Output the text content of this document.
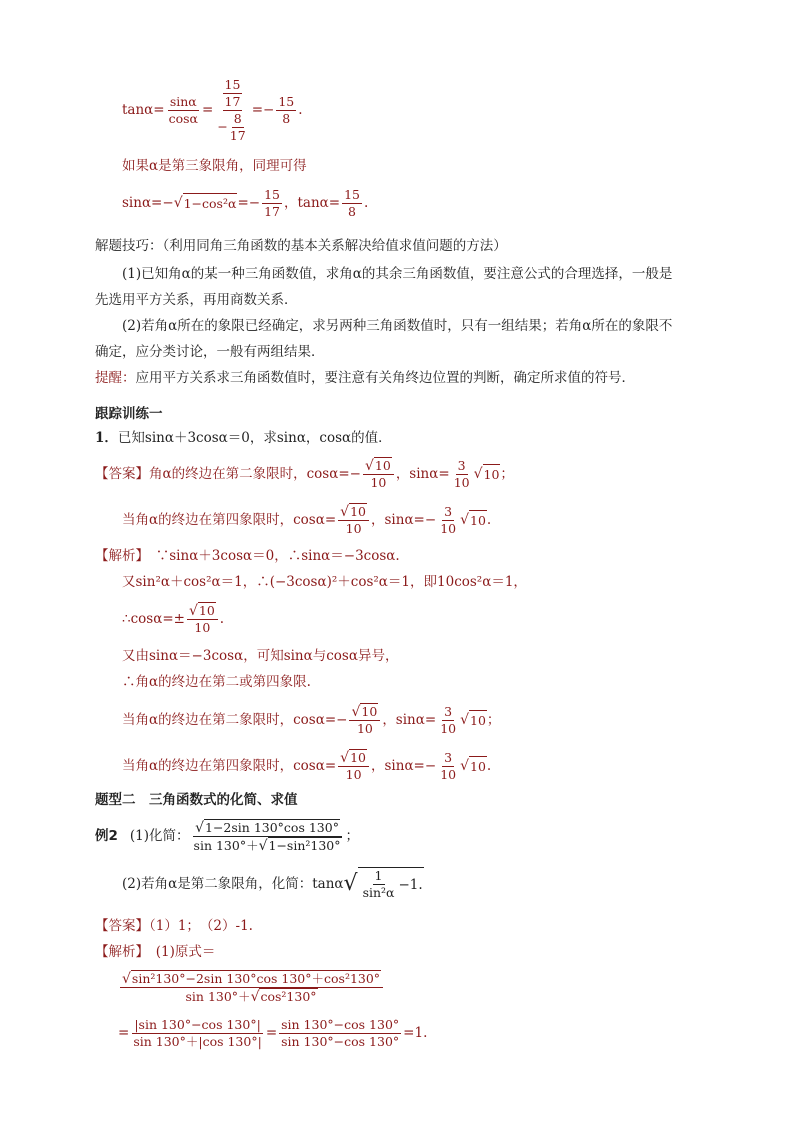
$\tan\alpha= \frac{\sin\alpha}{\cos\alpha} = \frac{\frac{15}{17}}{- \frac{8}{17}} =- \frac{15}{8}$ .
如果α是第三象限角，同理可得
sinα=− √ $1-\cos^2\alpha =- \frac{15}{17}$ ，$\tan\alpha= \frac{15}{8}$ .
解题技巧：（利用同角三角函数的基本关系解决给值求值问题的方法）
(1)已知角α的某一种三角函数值，求角α的其余三角函数值，要注意公式的合理选择，一般是
先选用平方关系，再用商数关系．
(2)若角α所在的象限已经确定，求另两种三角函数值时，只有一组结果；若角α所在的象限不
确定，应分类讨论，一般有两组结果．
提醒：应用平方关系求三角函数值时，要注意有关角终边位置的判断，确定所求值的符号．
跟踪训练一
1．已知sinα＋3cosα＝0，求sinα，cosα的值．
【答案】 角α的终边在第二象限时，$\cos\alpha=- \frac{√10}{10}$ ，$\sin\alpha= \frac{3}{10}$ √ 10 ；
当角α的终边在第四象限时，$\cos\alpha= \frac{√10}{10}$ ，$\sin\alpha=- \frac{3}{10}$ √ 10 .
【解析】　 ∵sinα＋3cosα＝0，∴sinα＝−3cosα.
又sin²α＋cos²α＝1，∴(−3cosα)²＋cos²α＝1，即10cos²α＝1，
∴cosα=± $\frac{√10}{10}$ .
又由sinα＝−3cosα，可知sinα与cosα异号，
∴角α的终边在第二或第四象限.
当角α的终边在第二象限时，$\cos\alpha=- \frac{√10}{10}$ ，$\sin\alpha= \frac{3}{10}$ √ 10 ；
当角α的终边在第四象限时，$\cos\alpha= \frac{√10}{10}$ ，$\sin\alpha=- \frac{3}{10}$ √ 10 .
题型二　三角函数式的化简、求值
例2 (1)化简： $\frac{√1-2\sin 130^\circ\cos 130^\circ}{\text{sin 130°＋√1−sin²130°}}$ ；
(2)若角α是第二象限角，化简：tanα √ $\frac{1}{\text{sin²α}} -1$.
【答案】（1）1；　（2）-1.
【解析】　 (1)原式＝
$\frac{\text{√sin²130°−2sin 130°cos 130°＋cos²130°}}{\text{sin 130°＋√cos²130°}}$
= $\frac{|\sin 130^\circ-\cos 130^\circ|}{\sin 130^\circ+|\cos 130^\circ|} = \frac{\sin 130^\circ-\cos 130^\circ}{\sin 130^\circ-\cos 130^\circ} =1$.
